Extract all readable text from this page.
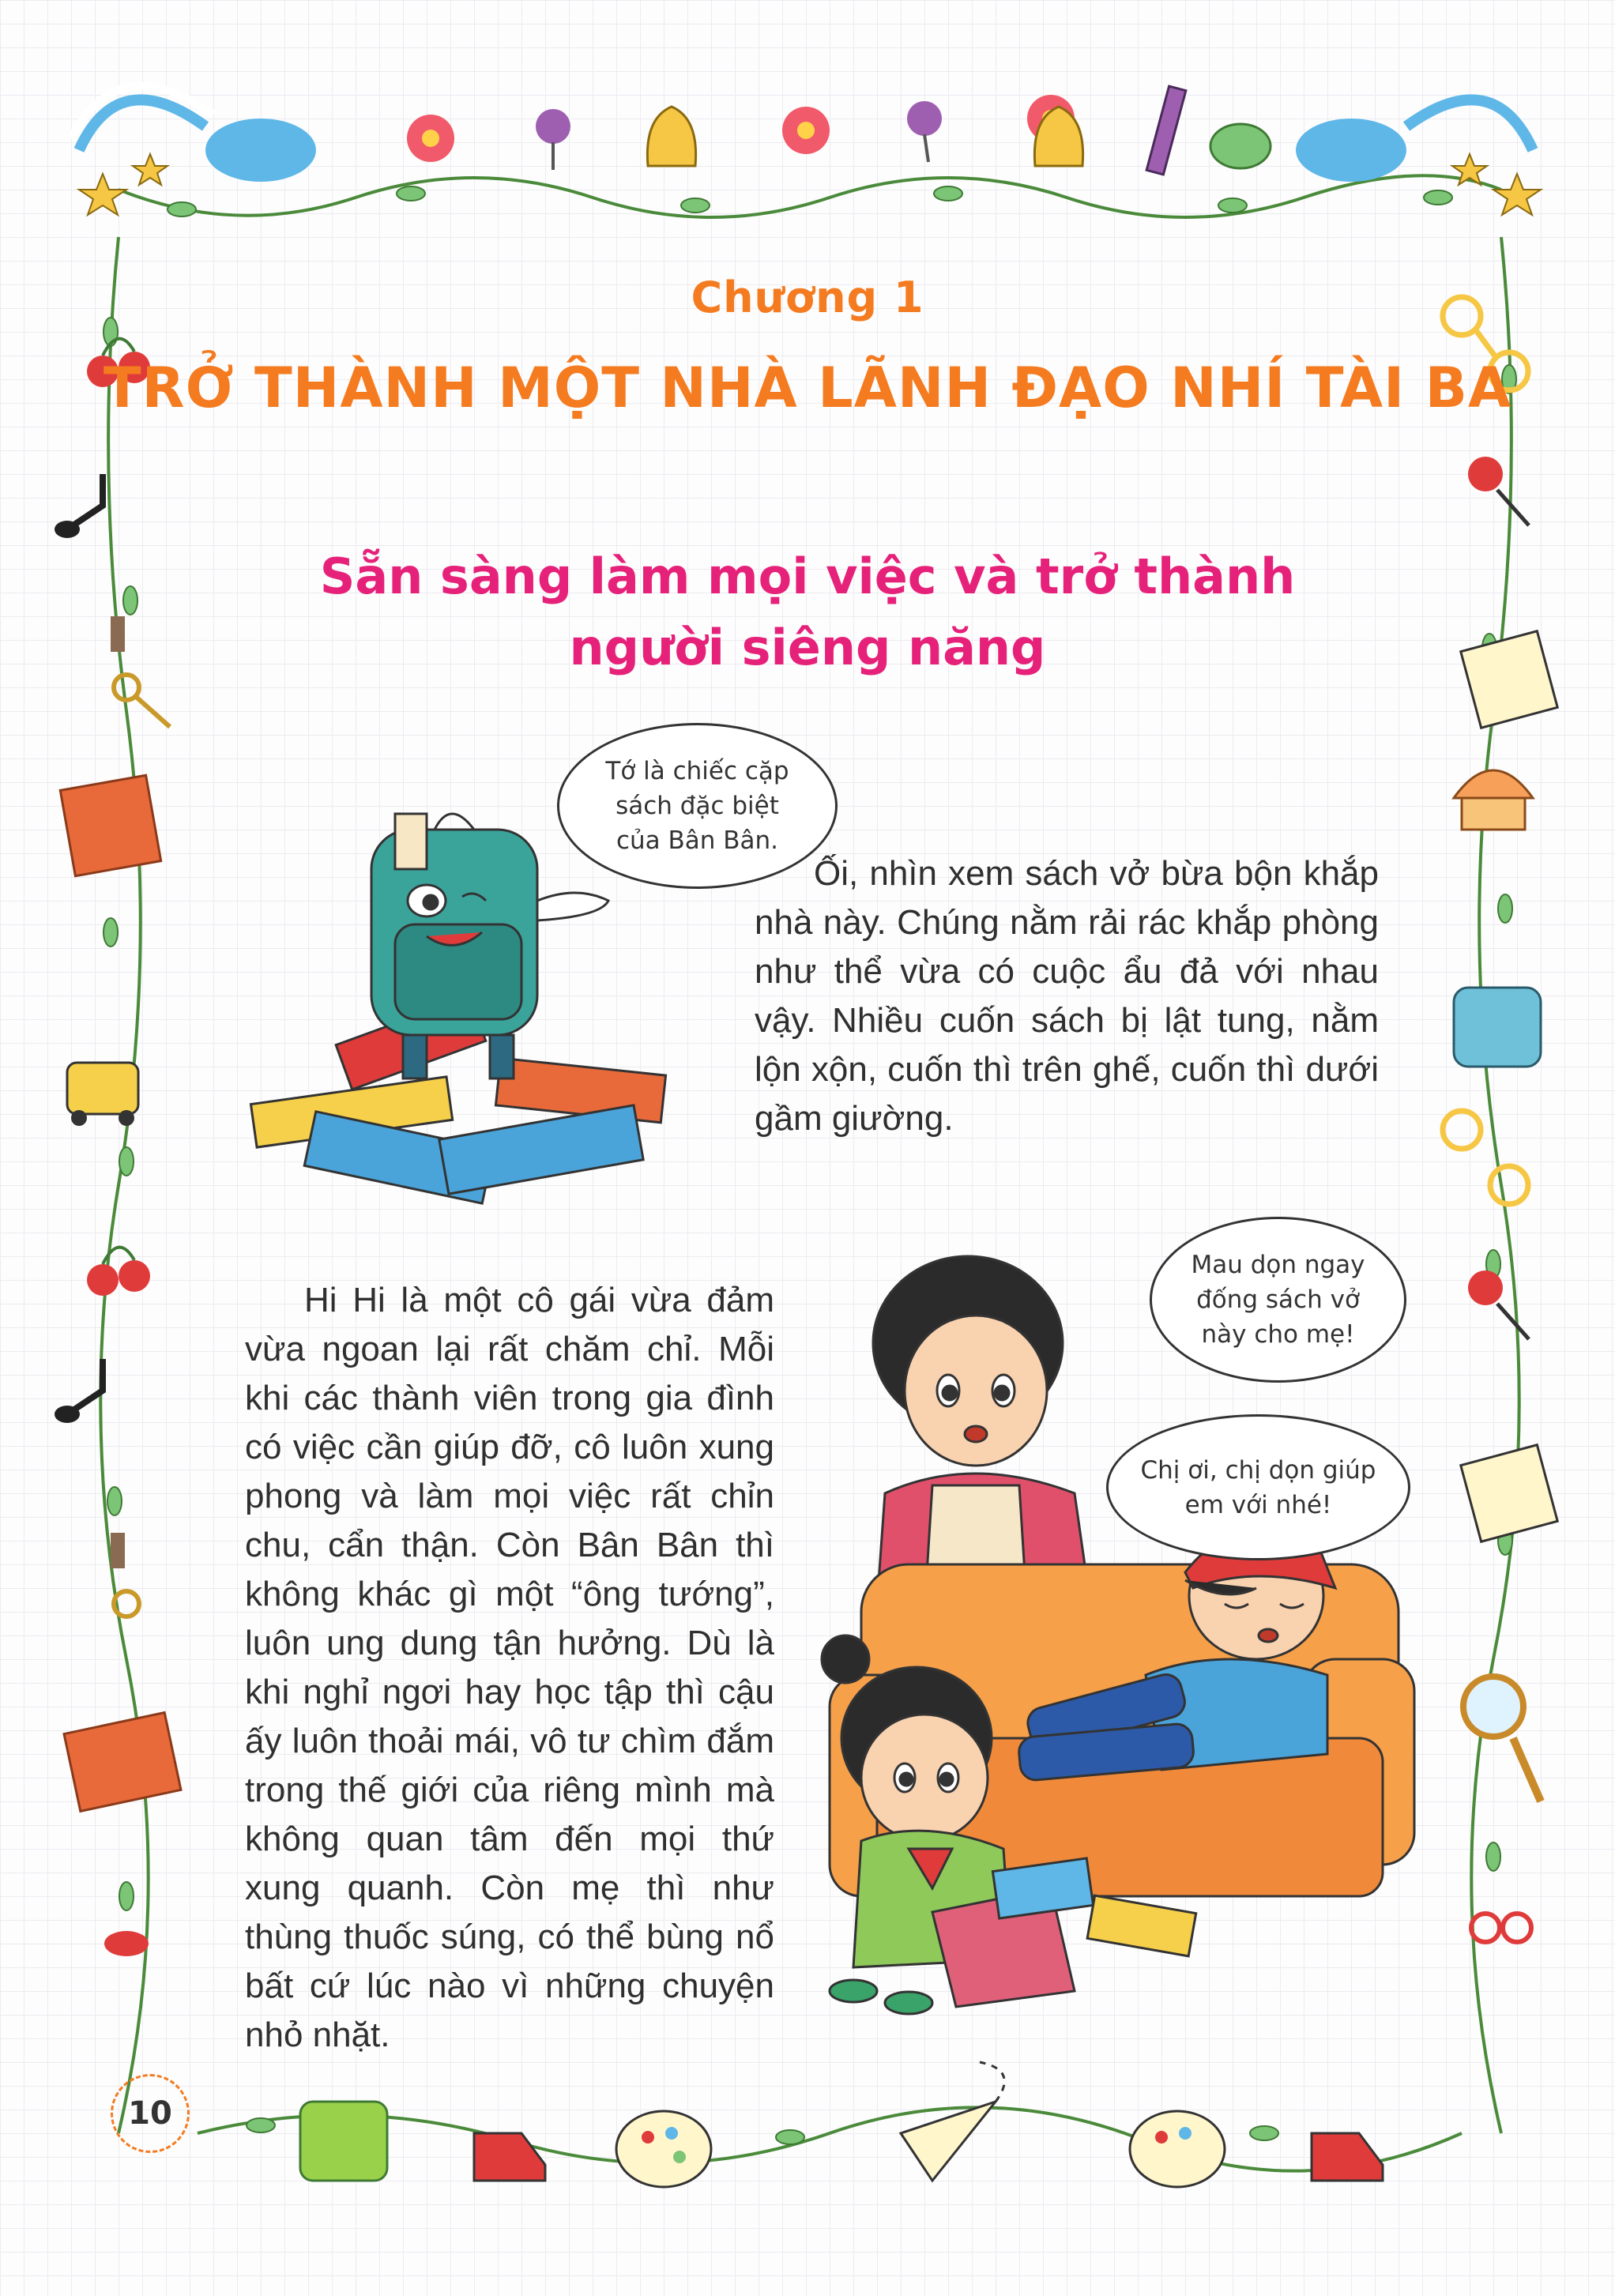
Chương 1
TRỞ THÀNH MỘT NHÀ LÃNH ĐẠO NHÍ TÀI BA
Sẵn sàng làm mọi việc và trở thành
người siêng năng
Tớ là chiếc cặp
sách đặc biệt
của Bân Bân.
Mau dọn ngay
đống sách vở
này cho mẹ!
Chị ơi, chị dọn giúp
em với nhé!

Ối, nhìn xem sách vở bừa bộn khắp nhà này. Chúng nằm rải rác khắp phòng như thể vừa có cuộc ẩu đả với nhau vậy. Nhiều cuốn sách bị lật tung, nằm lộn xộn, cuốn thì trên ghế, cuốn thì dưới gầm giường.

Hi Hi là một cô gái vừa đảm vừa ngoan lại rất chăm chỉ. Mỗi khi các thành viên trong gia đình có việc cần giúp đỡ, cô luôn xung phong và làm mọi việc rất chỉn chu, cẩn thận. Còn Bân Bân thì không khác gì một “ông tướng”, luôn ung dung tận hưởng. Dù là khi nghỉ ngơi hay học tập thì cậu ấy luôn thoải mái, vô tư chìm đắm trong thế giới của riêng mình mà không quan tâm đến mọi thứ xung quanh. Còn mẹ thì như thùng thuốc súng, có thể bùng nổ bất cứ lúc nào vì những chuyện nhỏ nhặt.

10
